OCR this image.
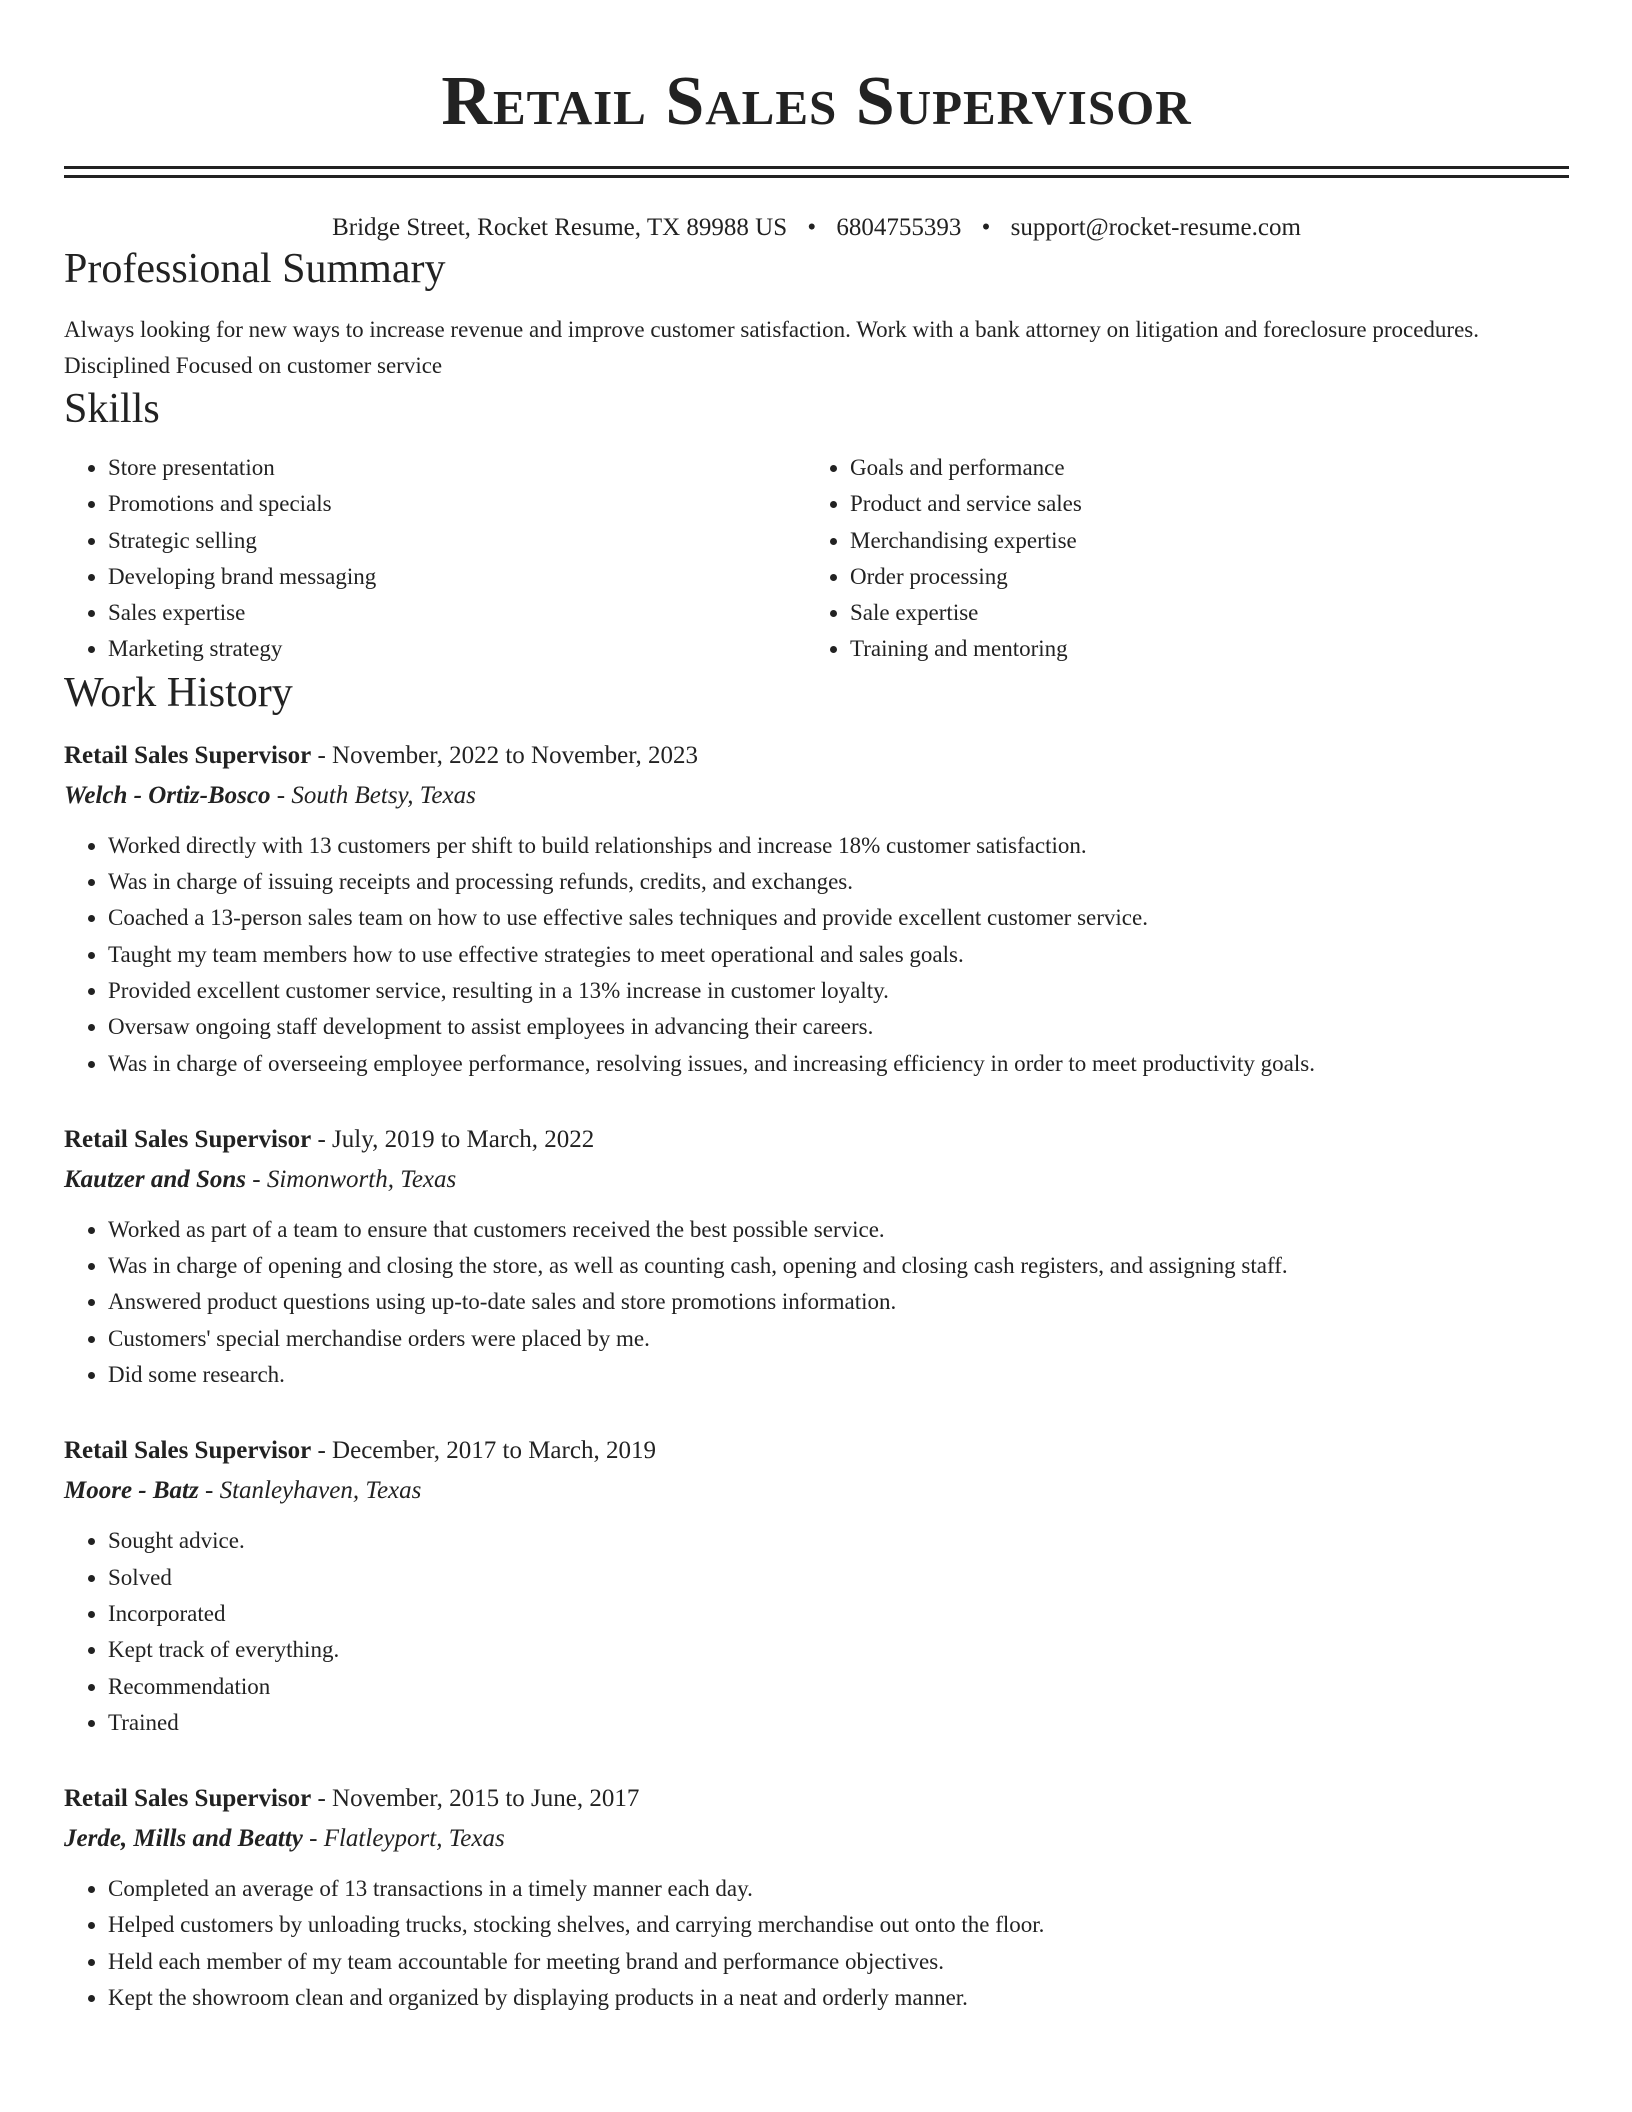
Retail Sales Supervisor
Bridge Street, Rocket Resume, TX 89988 US • 6804755393 • support@rocket-resume.com
Professional Summary

Always looking for new ways to increase revenue and improve customer satisfaction. Work with a bank attorney on litigation and foreclosure procedures. Disciplined Focused on customer service

Skills
• Store presentation
• Promotions and specials
• Strategic selling
• Developing brand messaging
• Sales expertise
• Marketing strategy
• Goals and performance
• Product and service sales
• Merchandising expertise
• Order processing
• Sale expertise
• Training and mentoring
Work History
Retail Sales Supervisor - November, 2022 to November, 2023
Welch - Ortiz-Bosco - South Betsy, Texas
• Worked directly with 13 customers per shift to build relationships and increase 18% customer satisfaction.
• Was in charge of issuing receipts and processing refunds, credits, and exchanges.
• Coached a 13-person sales team on how to use effective sales techniques and provide excellent customer service.
• Taught my team members how to use effective strategies to meet operational and sales goals.
• Provided excellent customer service, resulting in a 13% increase in customer loyalty.
• Oversaw ongoing staff development to assist employees in advancing their careers.
• Was in charge of overseeing employee performance, resolving issues, and increasing efficiency in order to meet productivity goals.
Retail Sales Supervisor - July, 2019 to March, 2022
Kautzer and Sons - Simonworth, Texas
• Worked as part of a team to ensure that customers received the best possible service.
• Was in charge of opening and closing the store, as well as counting cash, opening and closing cash registers, and assigning staff.
• Answered product questions using up-to-date sales and store promotions information.
• Customers' special merchandise orders were placed by me.
• Did some research.
Retail Sales Supervisor - December, 2017 to March, 2019
Moore - Batz - Stanleyhaven, Texas
• Sought advice.
• Solved
• Incorporated
• Kept track of everything.
• Recommendation
• Trained
Retail Sales Supervisor - November, 2015 to June, 2017
Jerde, Mills and Beatty - Flatleyport, Texas
• Completed an average of 13 transactions in a timely manner each day.
• Helped customers by unloading trucks, stocking shelves, and carrying merchandise out onto the floor.
• Held each member of my team accountable for meeting brand and performance objectives.
• Kept the showroom clean and organized by displaying products in a neat and orderly manner.
